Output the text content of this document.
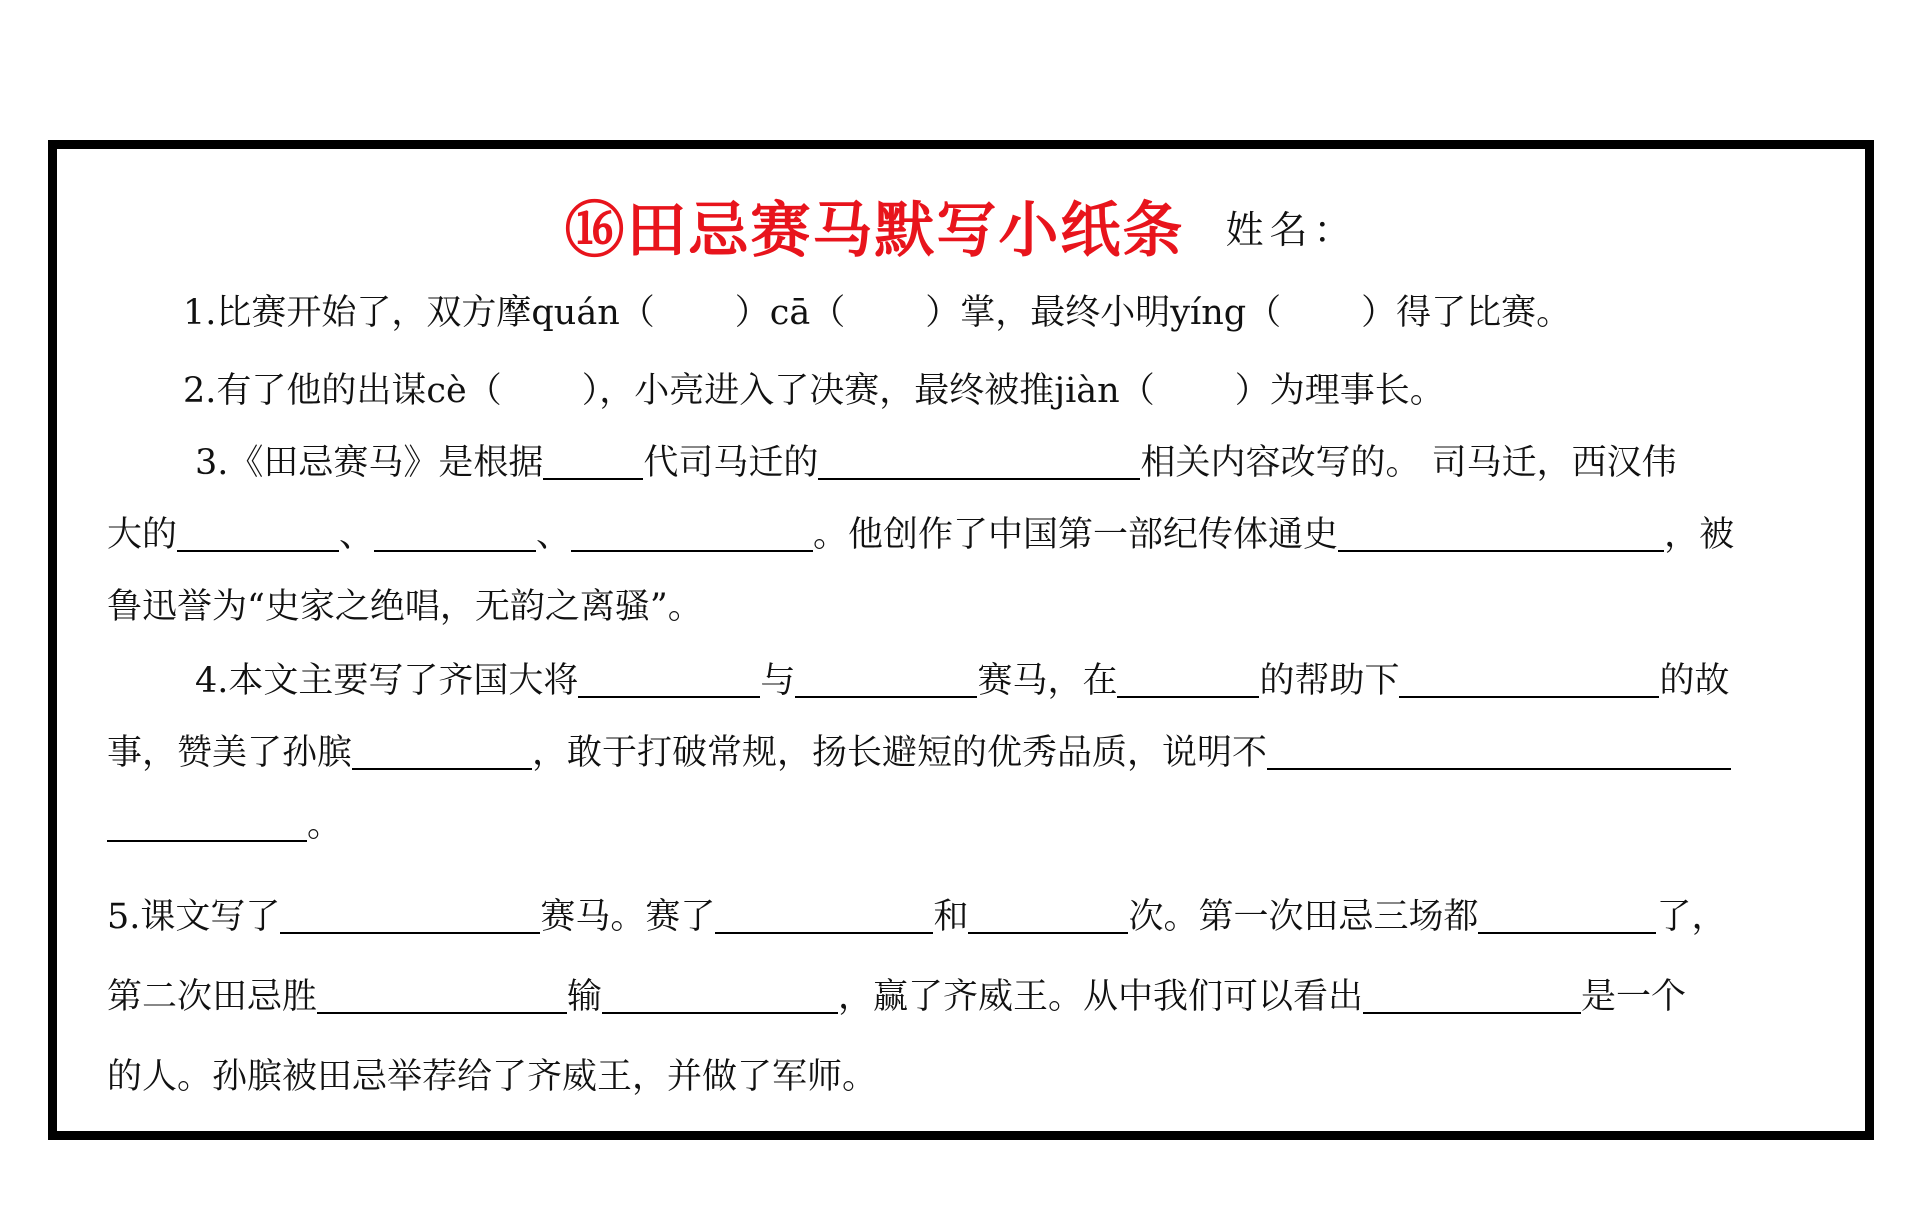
⑯田忌赛马默写小纸条 姓名：
1.比赛开始了，双方摩quán（ ）cā（ ）掌，最终小明yíng（ ）得了比赛。
2.有了他的出谋cè（ ），小亮进入了决赛，最终被推jiàn（ ）为理事长。
3.《田忌赛马》是根据	代司马迁的	相关内容改写的。 司马迁，西汉伟
大的	、	、	。他创作了中国第一部纪传体通史	，被
鲁迅誉为“史家之绝唱，无韵之离骚”。
4.本文主要写了齐国大将	与	赛马，在	的帮助下	的故
事，赞美了孙膑	，敢于打破常规，扬长避短的优秀品质，说明不
。
5.课文写了	赛马。赛了	和	次。第一次田忌三场都	了，
第二次田忌胜	输	，赢了齐威王。从中我们可以看出	是一个
的人。孙膑被田忌举荐给了齐威王，并做了军师。
